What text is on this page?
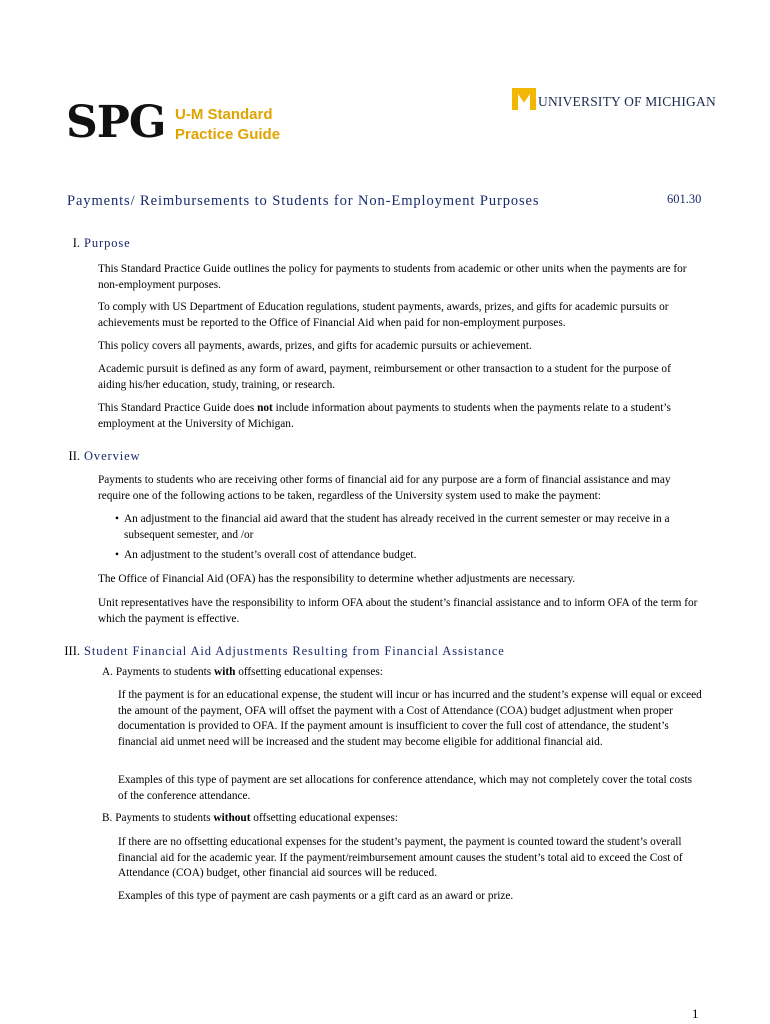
SPG U-M Standard
Practice Guide
UNIVERSITY OF MICHIGAN
Payments/ Reimbursements to Students for Non-Employment Purposes	601.30
I. Purpose
This Standard Practice Guide outlines the policy for payments to students from academic or other units when the payments are for non-employment purposes.
To comply with US Department of Education regulations, student payments, awards, prizes, and gifts for academic pursuits or achievements must be reported to the Office of Financial Aid when paid for non-employment purposes.
This policy covers all payments, awards, prizes, and gifts for academic pursuits or achievement.
Academic pursuit is defined as any form of award, payment, reimbursement or other transaction to a student for the purpose of aiding his/her education, study, training, or research.
This Standard Practice Guide does not include information about payments to students when the payments relate to a student’s employment at the University of Michigan.
II. Overview
Payments to students who are receiving other forms of financial aid for any purpose are a form of financial assistance and may require one of the following actions to be taken, regardless of the University system used to make the payment:
• An adjustment to the financial aid award that the student has already received in the current semester or may receive in a subsequent semester, and /or
• An adjustment to the student’s overall cost of attendance budget.
The Office of Financial Aid (OFA) has the responsibility to determine whether adjustments are necessary.
Unit representatives have the responsibility to inform OFA about the student’s financial assistance and to inform OFA of the term for which the payment is effective.
III. Student Financial Aid Adjustments Resulting from Financial Assistance
A. Payments to students with offsetting educational expenses:
If the payment is for an educational expense, the student will incur or has incurred and the student’s expense will equal or exceed the amount of the payment, OFA will offset the payment with a Cost of Attendance (COA) budget adjustment when proper documentation is provided to OFA. If the payment amount is insufficient to cover the full cost of attendance, the student’s financial aid unmet need will be increased and the student may become eligible for additional financial aid.
Examples of this type of payment are set allocations for conference attendance, which may not completely cover the total costs of the conference attendance.
B. Payments to students without offsetting educational expenses:
If there are no offsetting educational expenses for the student’s payment, the payment is counted toward the student’s overall financial aid for the academic year. If the payment/reimbursement amount causes the student’s total aid to exceed the Cost of Attendance (COA) budget, other financial aid sources will be reduced.
Examples of this type of payment are cash payments or a gift card as an award or prize.
1
